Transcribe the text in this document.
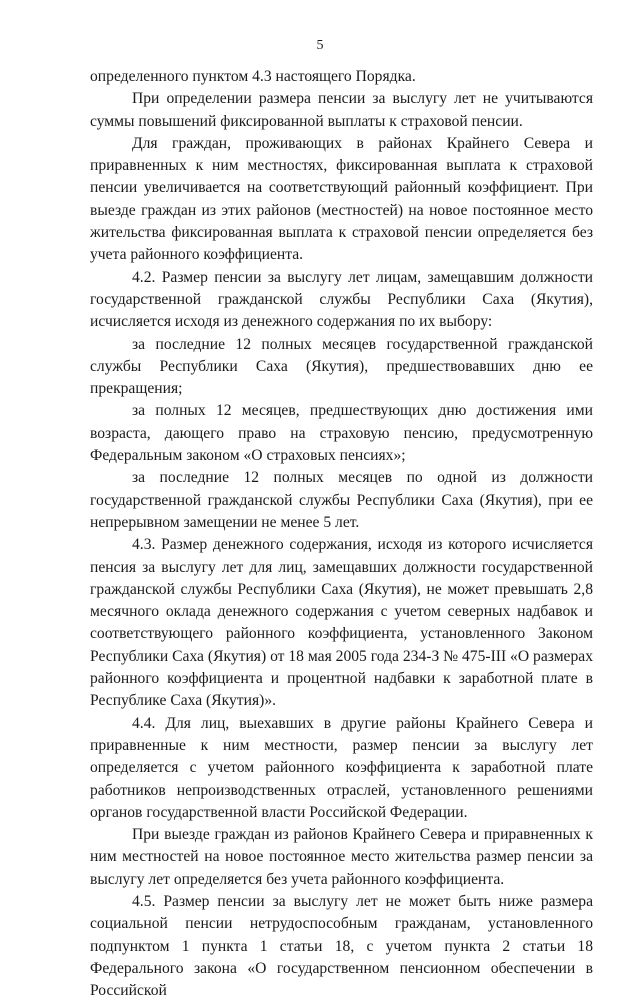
5

определенного пунктом 4.3 настоящего Порядка.

При определении размера пенсии за выслугу лет не учитываются суммы повышений фиксированной выплаты к страховой пенсии.

Для граждан, проживающих в районах Крайнего Севера и приравненных к ним местностях, фиксированная выплата к страховой пенсии увеличивается на соответствующий районный коэффициент. При выезде граждан из этих районов (местностей) на новое постоянное место жительства фиксированная выплата к страховой пенсии определяется без учета районного коэффициента.

4.2. Размер пенсии за выслугу лет лицам, замещавшим должности государственной гражданской службы Республики Саха (Якутия), исчисляется исходя из денежного содержания по их выбору:

за последние 12 полных месяцев государственной гражданской службы Республики Саха (Якутия), предшествовавших дню ее прекращения;

за полных 12 месяцев, предшествующих дню достижения ими возраста, дающего право на страховую пенсию, предусмотренную Федеральным законом «О страховых пенсиях»;

за последние 12 полных месяцев по одной из должности государственной гражданской службы Республики Саха (Якутия), при ее непрерывном замещении не менее 5 лет.

4.3. Размер денежного содержания, исходя из которого исчисляется пенсия за выслугу лет для лиц, замещавших должности государственной гражданской службы Республики Саха (Якутия), не может превышать 2,8 месячного оклада денежного содержания с учетом северных надбавок и соответствующего районного коэффициента, установленного Законом Республики Саха (Якутия) от 18 мая 2005 года 234-З № 475-III «О размерах районного коэффициента и процентной надбавки к заработной плате в Республике Саха (Якутия)».

4.4. Для лиц, выехавших в другие районы Крайнего Севера и приравненные к ним местности, размер пенсии за выслугу лет определяется с учетом районного коэффициента к заработной плате работников непроизводственных отраслей, установленного решениями органов государственной власти Российской Федерации.

При выезде граждан из районов Крайнего Севера и приравненных к ним местностей на новое постоянное место жительства размер пенсии за выслугу лет определяется без учета районного коэффициента.

4.5. Размер пенсии за выслугу лет не может быть ниже размера социальной пенсии нетрудоспособным гражданам, установленного подпунктом 1 пункта 1 статьи 18, с учетом пункта 2 статьи 18 Федерального закона «О государственном пенсионном обеспечении в Российской
